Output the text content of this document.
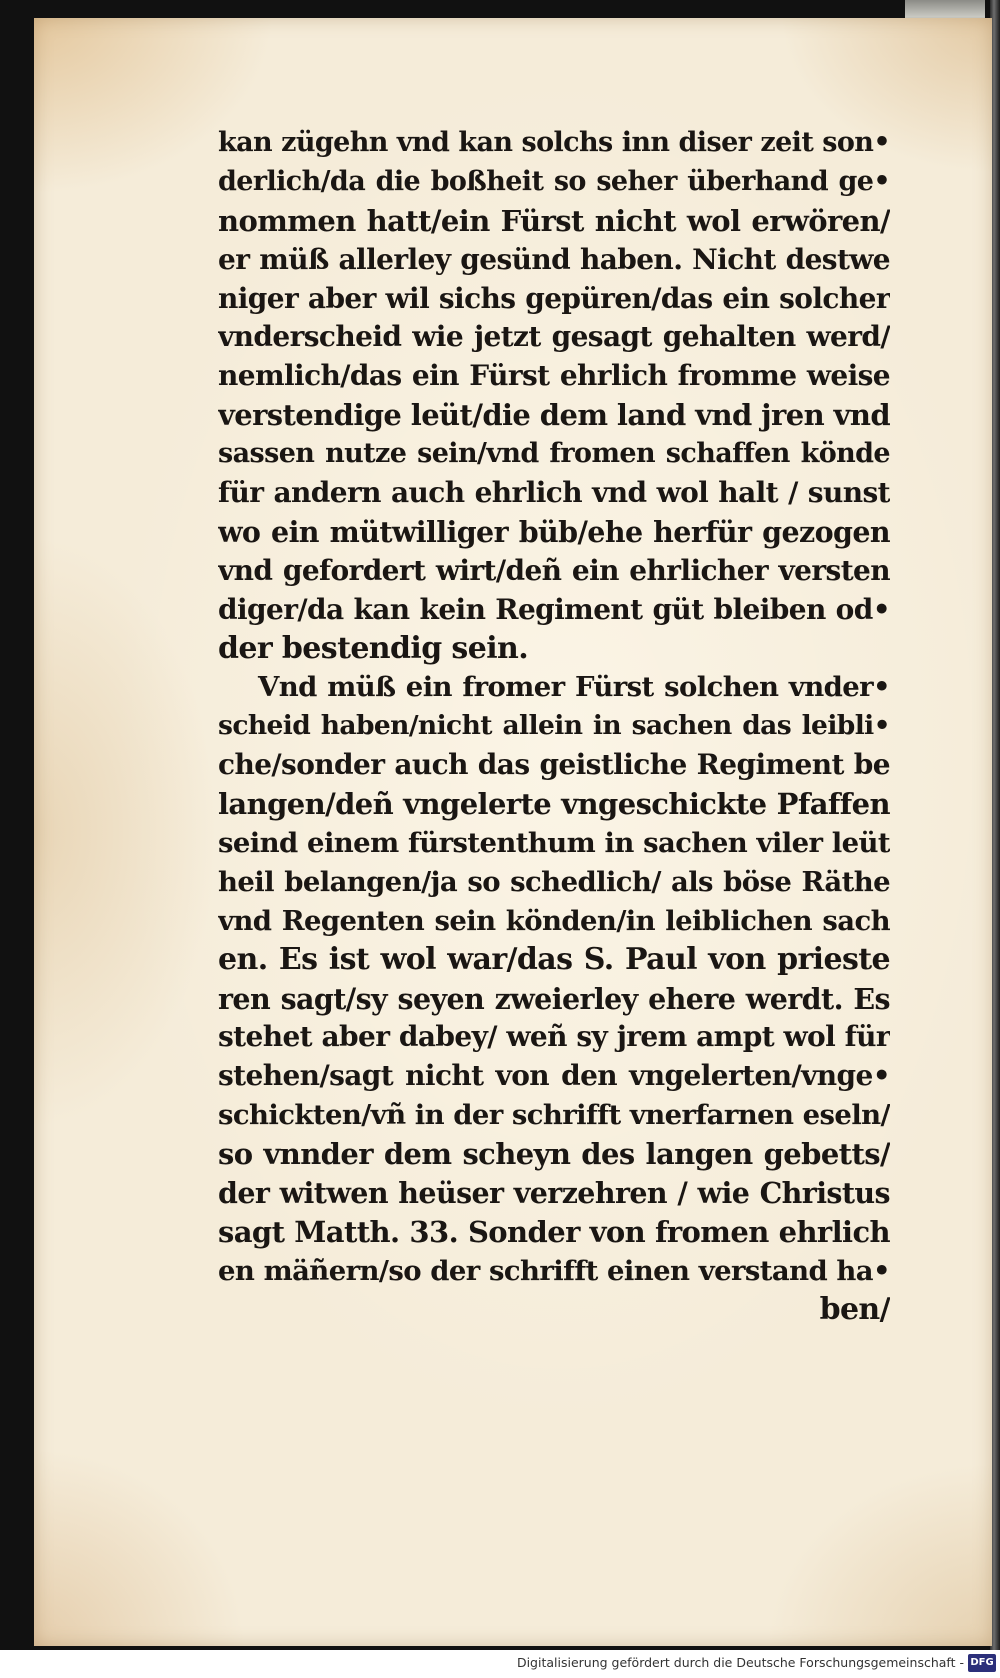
kan zügehn vnd kan solchs inn diser zeit son•
derlich/da die boßheit so seher überhand ge•
nommen hatt/ein Fürst nicht wol erwören/
er müß allerley gesünd haben. Nicht destwe
niger aber wil sichs gepüren/das ein solcher
vnderscheid wie jetzt gesagt gehalten werd/
nemlich/das ein Fürst ehrlich fromme weise
verstendige leüt/die dem land vnd jren vnd
sassen nutze sein/vnd fromen schaffen könde
für andern auch ehrlich vnd wol halt / sunst
wo ein mütwilliger büb/ehe herfür gezogen
vnd gefordert wirt/deñ ein ehrlicher versten
diger/da kan kein Regiment güt bleiben od•
der bestendig sein.
Vnd müß ein fromer Fürst solchen vnder•
scheid haben/nicht allein in sachen das leibli•
che/sonder auch das geistliche Regiment be
langen/deñ vngelerte vngeschickte Pfaffen
seind einem fürstenthum in sachen viler leüt
heil belangen/ja so schedlich/ als böse Räthe
vnd Regenten sein könden/in leiblichen sach
en. Es ist wol war/das S. Paul von prieste
ren sagt/sy seyen zweierley ehere werdt. Es
stehet aber dabey/ weñ sy jrem ampt wol für
stehen/sagt nicht von den vngelerten/vnge•
schickten/vñ in der schrifft vnerfarnen eseln/
so vnnder dem scheyn des langen gebetts/
der witwen heüser verzehren / wie Christus
sagt Matth. 33. Sonder von fromen ehrlich
en mäñern/so der schrifft einen verstand ha•
ben/
Digitalisierung gefördert durch die Deutsche Forschungsgemeinschaft - DFG
